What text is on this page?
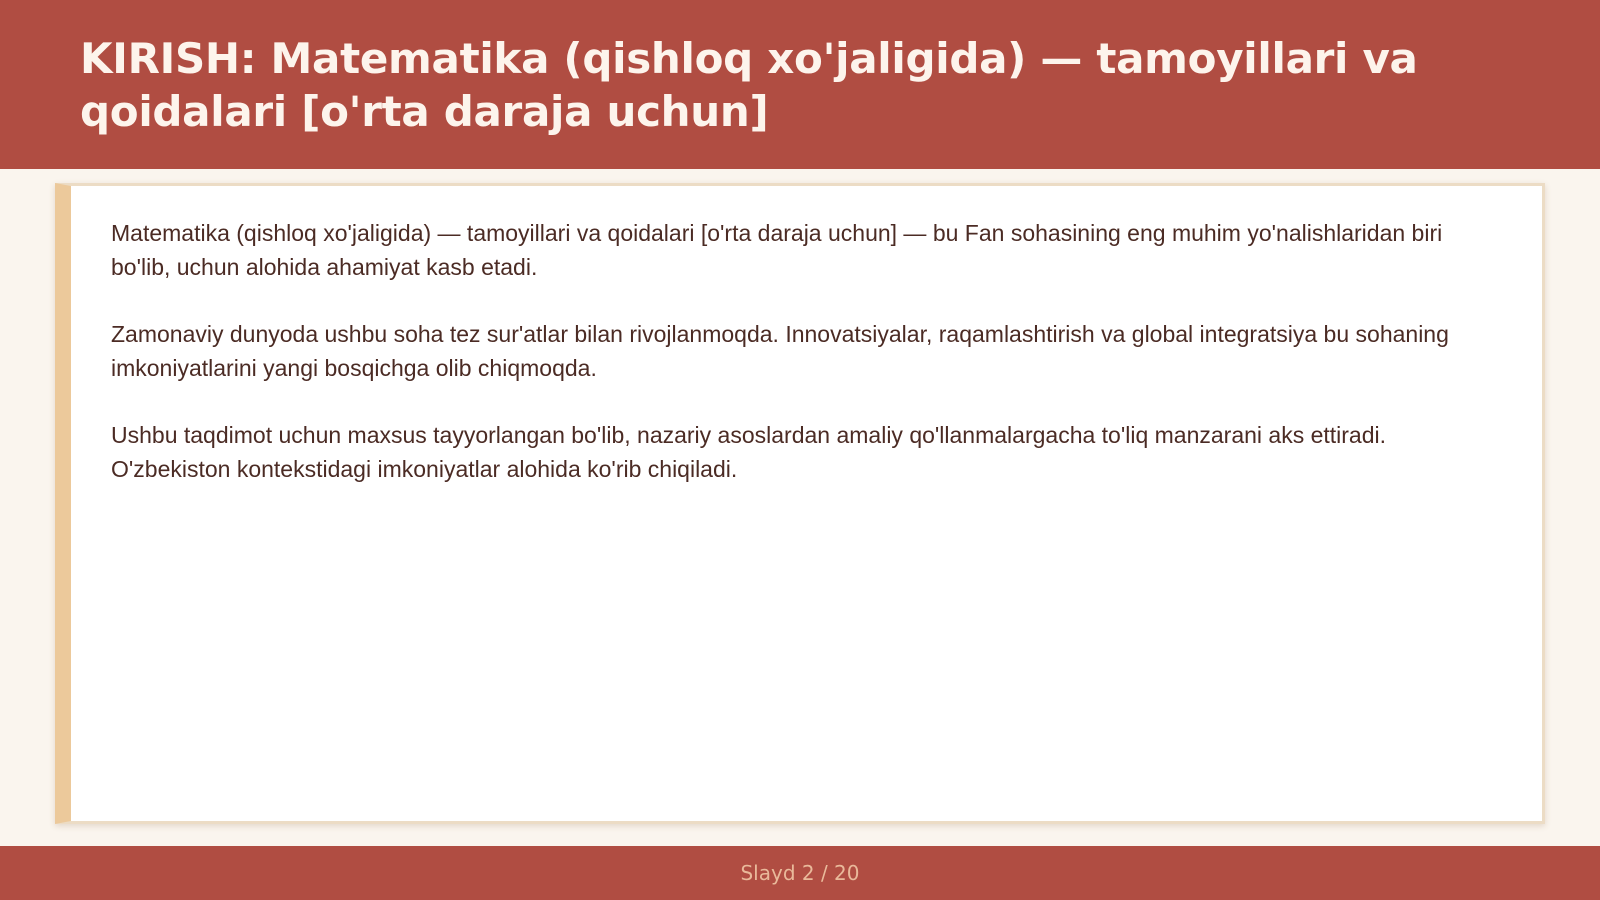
KIRISH: Matematika (qishloq xo'jaligida) — tamoyillari va qoidalari [o'rta daraja uchun]

Matematika (qishloq xo'jaligida) — tamoyillari va qoidalari [o'rta daraja uchun] — bu Fan sohasining eng muhim yo'nalishlaridan biri bo'lib, uchun alohida ahamiyat kasb etadi.

Zamonaviy dunyoda ushbu soha tez sur'atlar bilan rivojlanmoqda. Innovatsiyalar, raqamlashtirish va global integratsiya bu sohaning imkoniyatlarini yangi bosqichga olib chiqmoqda.

Ushbu taqdimot uchun maxsus tayyorlangan bo'lib, nazariy asoslardan amaliy qo'llanmalargacha to'liq manzarani aks ettiradi. O'zbekiston kontekstidagi imkoniyatlar alohida ko'rib chiqiladi.

Slayd 2 / 20
